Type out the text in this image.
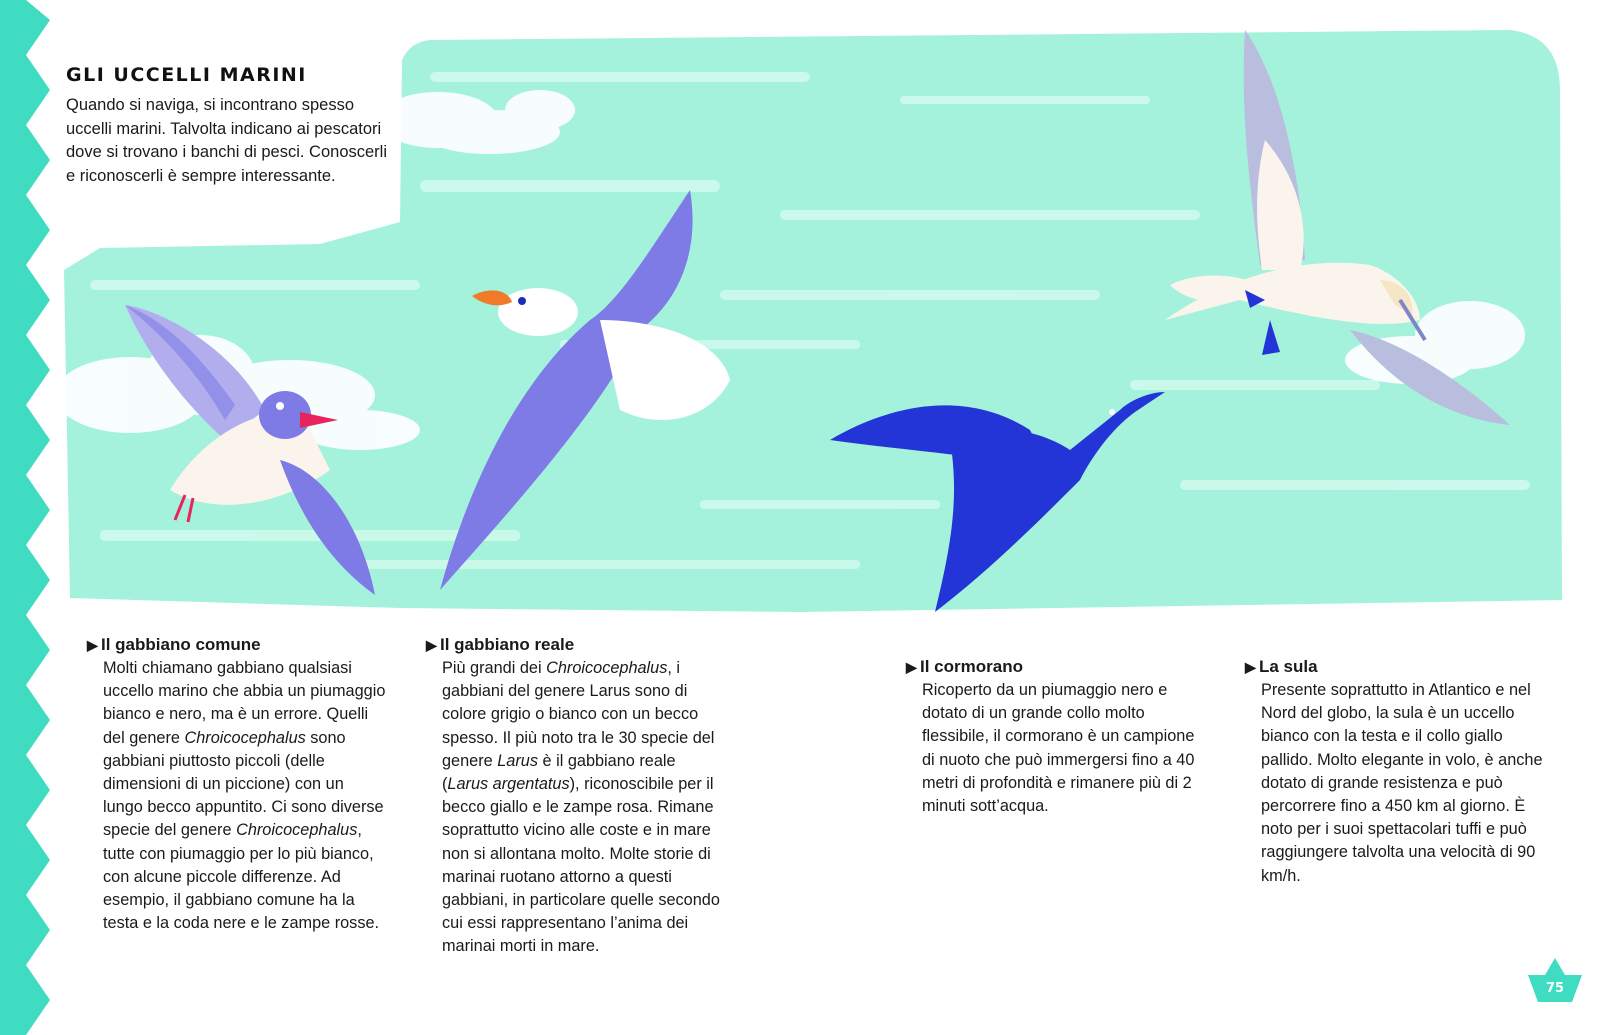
GLI UCCELLI MARINI

Quando si naviga, si incontrano spesso uccelli marini. Talvolta indicano ai pescatori dove si trovano i banchi di pesci. Conoscerli e riconoscerli è sempre interessante.

▶ Il gabbiano comune

Molti chiamano gabbiano qualsiasi uccello marino che abbia un piumaggio bianco e nero, ma è un errore. Quelli del genere Chroicocephalus sono gabbiani piuttosto piccoli (delle dimensioni di un piccione) con un lungo becco appuntito. Ci sono diverse specie del genere Chroicocephalus, tutte con piumaggio per lo più bianco, con alcune piccole differenze. Ad esempio, il gabbiano comune ha la testa e la coda nere e le zampe rosse.

▶ Il gabbiano reale

Più grandi dei Chroicocephalus, i gabbiani del genere Larus sono di colore grigio o bianco con un becco spesso. Il più noto tra le 30 specie del genere Larus è il gabbiano reale (Larus argentatus), riconoscibile per il becco giallo e le zampe rosa. Rimane soprattutto vicino alle coste e in mare non si allontana molto. Molte storie di marinai ruotano attorno a questi gabbiani, in particolare quelle secondo cui essi rappresentano l’anima dei marinai morti in mare.

▶ Il cormorano

Ricoperto da un piumaggio nero e dotato di un grande collo molto flessibile, il cormorano è un campione di nuoto che può immergersi fino a 40 metri di profondità e rimanere più di 2 minuti sott’acqua.

▶ La sula

Presente soprattutto in Atlantico e nel Nord del globo, la sula è un uccello bianco con la testa e il collo giallo pallido. Molto elegante in volo, è anche dotato di grande resistenza e può percorrere fino a 450 km al giorno. È noto per i suoi spettacolari tuffi e può raggiungere talvolta una velocità di 90 km/h.

75
